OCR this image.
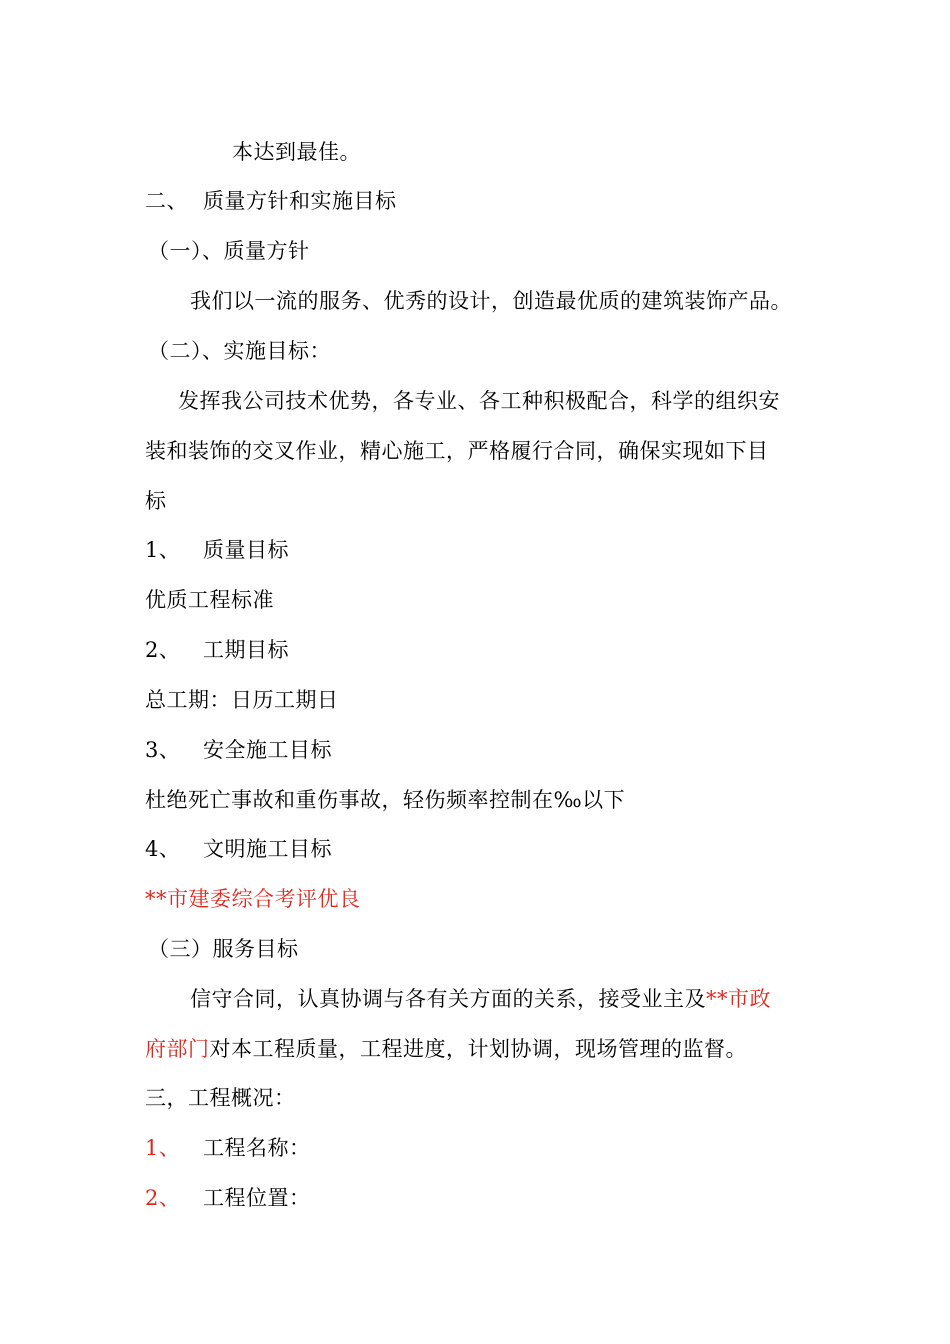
本达到最佳。
二、 质量方针和实施目标
（一）、质量方针
我们以一流的服务、优秀的设计，创造最优质的建筑装饰产品。
（二）、实施目标：
发挥我公司技术优势，各专业、各工种积极配合，科学的组织安
装和装饰的交叉作业，精心施工，严格履行合同，确保实现如下目
标
1、 质量目标
优质工程标准
2、 工期目标
总工期：日历工期日
3、 安全施工目标
杜绝死亡事故和重伤事故，轻伤频率控制在‰以下
4、 文明施工目标
**市建委综合考评优良
（三）服务目标
信守合同，认真协调与各有关方面的关系，接受业主及**市政
府部门对本工程质量，工程进度，计划协调，现场管理的监督。
三，工程概况：
1、 工程名称：
2、 工程位置：
